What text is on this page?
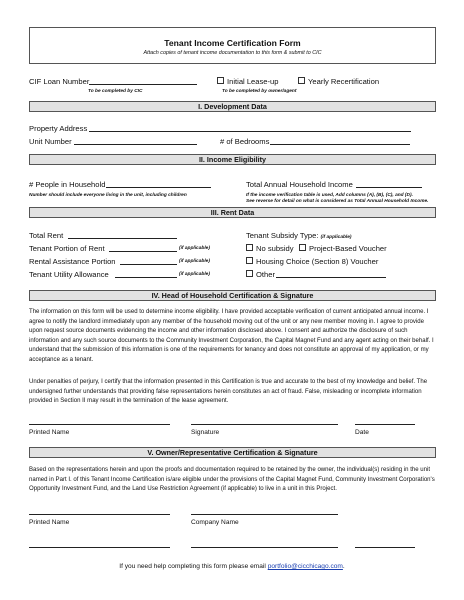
Tenant Income Certification Form
Attach copies of tenant income documentation to this form & submit to CIC
CIF Loan Number
To be completed by CIC
Initial Lease-up	Yearly Recertification
To be completed by owner/agent
I. Development Data
Property Address
Unit Number	# of Bedrooms
II. Income Eligibility
# People in Household
Number should include everyone living in the unit, including children
Total Annual Household Income
If the income verification table is used, Add columns (A), (B), (C), and (D).
See reverse for detail on what is considered as Total Annual Household Income.
III. Rent Data
Total Rent
Tenant Portion of Rent	(if applicable)
Rental Assistance Portion	(if applicable)
Tenant Utility Allowance	(if applicable)
Tenant Subsidy Type: (if applicable)
No subsidy	Project-Based Voucher
Housing Choice (Section 8) Voucher
Other
IV. Head of Household Certification & Signature
The information on this form will be used to determine income eligibility. I have provided acceptable verification of current anticipated annual income. I agree to notify the landlord immediately upon any member of the household moving out of the unit or any new member moving in. I agree to provide upon request source documents evidencing the income and other information disclosed above. I consent and authorize the disclosure of such information and any such source documents to the Community Investment Corporation, the Capital Magnet Fund and any agent acting on their behalf. I understand that the submission of this information is one of the requirements for tenancy and does not constitute an approval of my application, or my acceptance as a tenant.
Under penalties of perjury, I certify that the information presented in this Certification is true and accurate to the best of my knowledge and belief. The undersigned further understands that providing false representations herein constitutes an act of fraud. False, misleading or incomplete information provided in Section II may result in the termination of the lease agreement.
Printed Name	Signature	Date
V. Owner/Representative Certification & Signature
Based on the representations herein and upon the proofs and documentation required to be retained by the owner, the individual(s) residing in the unit named in Part I. of this Tenant Income Certification is/are eligible under the provisions of the Capital Magnet Fund, Community Investment Corporation's Opportunity Investment Fund, and the Land Use Restriction Agreement (if applicable) to live in a unit in this Project.
Printed Name	Company Name
If you need help completing this form please email portfolio@cicchicago.com.
